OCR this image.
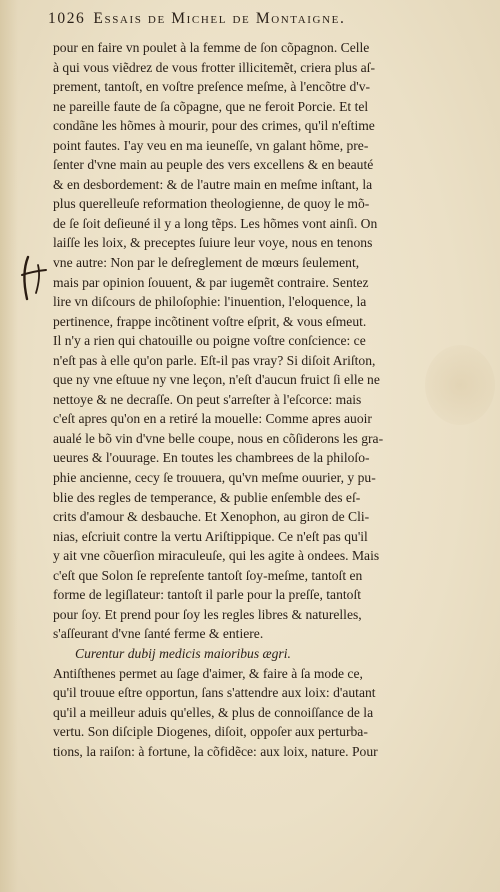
1026 Essais de Michel de Montaigne.
pour en faire vn poulet à la femme de ſon cõpagnon. Celle
à qui vous viẽdrez de vous frotter illicitemẽt, criera plus aſ-
prement, tantoſt, en voſtre preſence meſme, à l'encõtre d'v-
ne pareille faute de ſa cõpagne, que ne feroit Porcie. Et tel
condãne les hõmes à mourir, pour des crimes, qu'il n'eſtime
point fautes. I'ay veu en ma ieuneſſe, vn galant hõme, pre-
ſenter d'vne main au peuple des vers excellens & en beauté
& en desbordement: & de l'autre main en meſme inſtant, la
plus querelleuſe reformation theologienne, de quoy le mõ-
de ſe ſoit deſieuné il y a long tẽps. Les hõmes vont ainſi. On
laiſſe les loix, & preceptes ſuiure leur voye, nous en tenons
vne autre: Non par le deſreglement de mœurs ſeulement,
mais par opinion ſouuent, & par iugemẽt contraire. Sentez
lire vn diſcours de philoſophie: l'inuention, l'eloquence, la
pertinence, frappe incõtinent voſtre eſprit, & vous eſmeut.
Il n'y a rien qui chatouille ou poigne voſtre conſcience: ce
n'eſt pas à elle qu'on parle. Eſt-il pas vray? Si diſoit Ariſton,
que ny vne eſtuue ny vne leçon, n'eſt d'aucun fruict ſi elle ne
nettoye & ne decraſſe. On peut s'arreſter à l'eſcorce: mais
c'eſt apres qu'on en a retiré la mouelle: Comme apres auoir
aualé le bõ vin d'vne belle coupe, nous en cõſiderons les gra-
ueures & l'ouurage. En toutes les chambrees de la philoſo-
phie ancienne, cecy ſe trouuera, qu'vn meſme ouurier, y pu-
blie des regles de temperance, & publie enſemble des eſ-
crits d'amour & desbauche. Et Xenophon, au giron de Cli-
nias, eſcriuit contre la vertu Ariſtippique. Ce n'eſt pas qu'il
y ait vne cõuerſion miraculeuſe, qui les agite à ondees. Mais
c'eſt que Solon ſe repreſente tantoſt ſoy-meſme, tantoſt en
forme de legiſlateur: tantoſt il parle pour la preſſe, tantoſt
pour ſoy. Et prend pour ſoy les regles libres & naturelles,
s'aſſeurant d'vne ſanté ferme & entiere.
Curentur dubij medicis maioribus ægri.
Antiſthenes permet au ſage d'aimer, & faire à ſa mode ce,
qu'il trouue eſtre opportun, ſans s'attendre aux loix: d'autant
qu'il a meilleur aduis qu'elles, & plus de connoiſſance de la
vertu. Son diſciple Diogenes, diſoit, oppoſer aux perturba-
tions, la raiſon: à fortune, la cõfidẽce: aux loix, nature. Pour
